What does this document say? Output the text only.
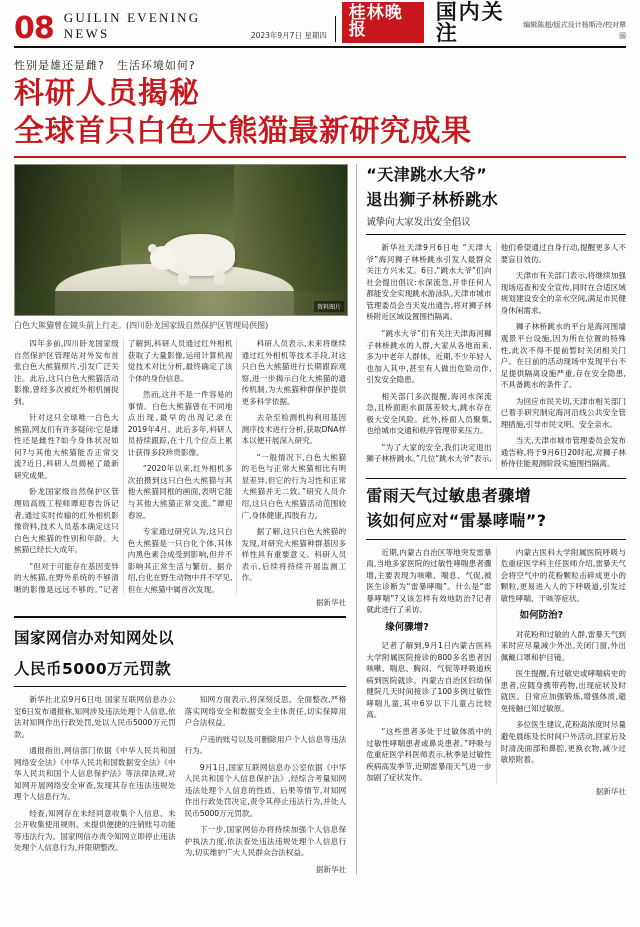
08 GUILIN EVENING NEWS	2023年9月7日 星期四
桂林晚报
国内关注	编辑陈超/版式设计杨斯泠/校对覃丽
性别是雄还是雌?　生活环境如何?
科研人员揭秘
全球首只白色大熊猫最新研究成果
资料图片
白色大熊猫曾在镜头前上行走。(四川卧龙国家级自然保护区管理局供图)

四年多前,四川卧龙国家级自然保护区管理站对外发布首张白色大熊猫照片,引发广泛关注。此后,这只白色大熊猫活动影像,曾经多次被红外相机捕捉到。

针对这只全球唯一白色大熊猫,网友们有许多疑问:它是雄性还是雌性?如今身体状况如何?与其他大熊猫能否正常交流?近日,科研人员揭秘了最新研究成果。

卧龙国家级自然保护区管理局高级工程师谭迎春告诉记者,通过实时传输的红外相机影像资料,技术人员基本确定这只白色大熊猫的性别和年龄。大熊猫已经长大成年。

“但对于可能存在基因变异的大熊猫,在野外系统的不够清晰的影像是远远不够的。”记者了解到,科研人员通过红外相机获取了大量影像,运用计算机视觉技术对比分析,最终确定了该个体的身份信息。

然而,这并不是一件容易的事情。白色大熊猫曾在不同地点出现,最早的出现记录在2019年4月。此后多年,科研人员持续跟踪,在十几个位点上累计获得多段珍贵影像。

“2020年以来,红外相机多次拍摄到这只白色大熊猫与其他大熊猫同框的画面,表明它能与其他大熊猫正常交流。”谭迎春说。

专家通过研究认为,这只白色大熊猫是一只白化个体,其体内黑色素合成受到影响,但并不影响其正常生活与繁衍。据介绍,白化在野生动物中并不罕见,但在大熊猫中属首次发现。

科研人员表示,未来将继续通过红外相机等技术手段,对这只白色大熊猫进行长期跟踪观察,进一步揭示白化大熊猫的遗传机制,为大熊猫种群保护提供更多科学依据。

去杂至检测机构利用基因测序技术进行分析,获取DNA样本以便开展深入研究。

“一般情况下,白色大熊猫的毛色与正常大熊猫相比有明显差异,但它的行为习性和正常大熊猫并无二致。”研究人员介绍,这只白色大熊猫活动范围较广,身体健康,四肢有力。

据了解,这只白色大熊猫的发现,对研究大熊猫种群基因多样性具有重要意义。科研人员表示,后续将持续开展监测工作。

据新华社
国家网信办对知网处以
人民币5000万元罚款

新华社北京9月6日电 国家互联网信息办公室6日发布通报称,知网涉及违法处理个人信息,依法对知网作出行政处罚,处以人民币5000万元罚款。

通报指出,网信部门依据《中华人民共和国网络安全法》《中华人民共和国数据安全法》《中华人民共和国个人信息保护法》等法律法规,对知网开展网络安全审查,发现其存在违法违规处理个人信息行为。

经查,知网存在未经同意收集个人信息、未公开收集使用规则、未提供便捷的注销账号功能等违法行为。国家网信办责令知网立即停止违法处理个人信息行为,并限期整改。

知网方面表示,将深刻反思、全面整改,严格落实网络安全和数据安全主体责任,切实保障用户合法权益。

户违的账号以及可删除用户个人信息等违法行为。

9月1日,国家互联网信息办公室依据《中华人民共和国个人信息保护法》,经综合考量知网违法处理个人信息的性质、后果等情节,对知网作出行政处罚决定,责令其停止违法行为,并处人民币5000万元罚款。

下一步,国家网信办将持续加强个人信息保护执法力度,依法查处违法违规处理个人信息行为,切实维护广大人民群众合法权益。

据新华社
“天津跳水大爷”
退出狮子林桥跳水
诚挚向大家发出安全倡议

新华社天津9月6日电 “天津大爷”海河狮子林桥跳水引发人最群众关注方兴未艾。6日,“跳水大爷”们向社会提出倡议:水深流急,开非任何人都能安全实现跳水游泳队,天津市城市管理委员会当天发出通告,将对狮子林桥附近区域设置围挡隔离。

“跳水大爷”们有关注天津海河狮子林桥跳水的人群,大家从各地而来,多为中老年人群体。近期,不少年轻人也加入其中,甚至有人做出危险动作,引发安全隐患。

相关部门多次提醒,海河水深流急,且桥面距水面落差较大,跳水存在极大安全风险。此外,桥面人员聚集,也给城市交通和秩序管理带来压力。

“为了大家的安全,我们决定退出狮子林桥跳水。”几位“跳水大爷”表示,他们希望通过自身行动,提醒更多人不要盲目效仿。

天津市有关部门表示,将继续加强现场巡查和安全宣传,同时在合适区域规划建设安全的亲水空间,满足市民健身休闲需求。

狮子林桥跳水的平台是海河围墙观景平台设施,因为所在位置的特殊性,此次不得不提前暂时关闭相关门户。在日前的活动现场中发现平台不足提供隔离设施严重,存在安全隐患,不具备跳水的条件了。

为回应市民关切,天津市相关部门已着手研究制定海河沿线公共安全管理措施,引导市民文明、安全亲水。

当天,天津市城市管理委员会发布通告称,将于9月6日20时起,对狮子林桥待往能观测阶段实施围挡隔离。

雷雨天气过敏患者骤增
该如何应对“雷暴哮喘”?

近期,内蒙古自治区等地突发雷暴雨,当地多家医院的过敏性哮喘患者骤增,主要表现为咳嗽、喘息、气促,被医生诊断为“雷暴哮喘”。什么是“雷暴哮喘”?又该怎样有效地防治?记者就此进行了采访。

缘何骤增?

记者了解到,9月1日内蒙古医科大学附属医院接诊的800多名患者因咳嗽、喘息、胸闷、气促等呼吸道疾病到医院就诊。内蒙古自治区妇幼保健院几天时间接诊了100多例过敏性哮喘儿童,其中6岁以下儿童占比较高。

“这些患者多处于过敏体质中的过敏性哮喘患者或鼻炎患者。”呼吸与危重症医学科医师表示,秋季是过敏性疾病高发季节,近期雷暴雨天气进一步加剧了症状发作。

内蒙古医科大学附属医院呼吸与危重症医学科主任医师介绍,雷暴天气会将空气中的花粉颗粒击碎成更小的颗粒,更易进入人的下呼吸道,引发过敏性哮喘、干咳等症状。

如何防治?

对花粉和过敏的人群,雷暴天气到来时应尽量减少外出,关闭门窗,外出佩戴口罩和护目镜。

医生提醒,有过敏史或哮喘病史的患者,应随身携带药物,出现症状及时就医。日常应加强锻炼,增强体质,避免接触已知过敏原。

多位医生建议,花粉高浓度时尽量避免晨练及长时间户外活动,回家后及时清洗面部和鼻腔,更换衣物,减少过敏原附着。

据新华社
